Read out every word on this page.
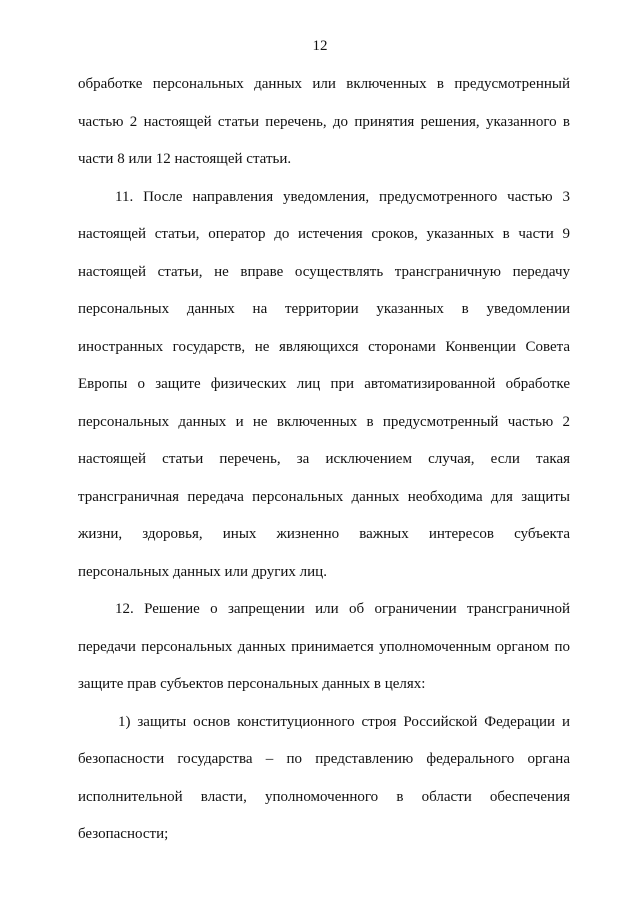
12
обработке персональных данных или включенных в предусмотренный
частью 2 настоящей статьи перечень, до принятия решения, указанного в
части 8 или 12 настоящей статьи.
11. После направления уведомления, предусмотренного частью 3
настоящей статьи, оператор до истечения сроков, указанных в части 9
настоящей статьи, не вправе осуществлять трансграничную передачу
персональных данных на территории указанных в уведомлении
иностранных государств, не являющихся сторонами Конвенции Совета
Европы о защите физических лиц при автоматизированной обработке
персональных данных и не включенных в предусмотренный частью 2
настоящей статьи перечень, за исключением случая, если такая
трансграничная передача персональных данных необходима для защиты
жизни, здоровья, иных жизненно важных интересов субъекта
персональных данных или других лиц.
12. Решение о запрещении или об ограничении трансграничной
передачи персональных данных принимается уполномоченным органом по
защите прав субъектов персональных данных в целях:
1) защиты основ конституционного строя Российской Федерации и
безопасности государства – по представлению федерального органа
исполнительной власти, уполномоченного в области обеспечения
безопасности;
